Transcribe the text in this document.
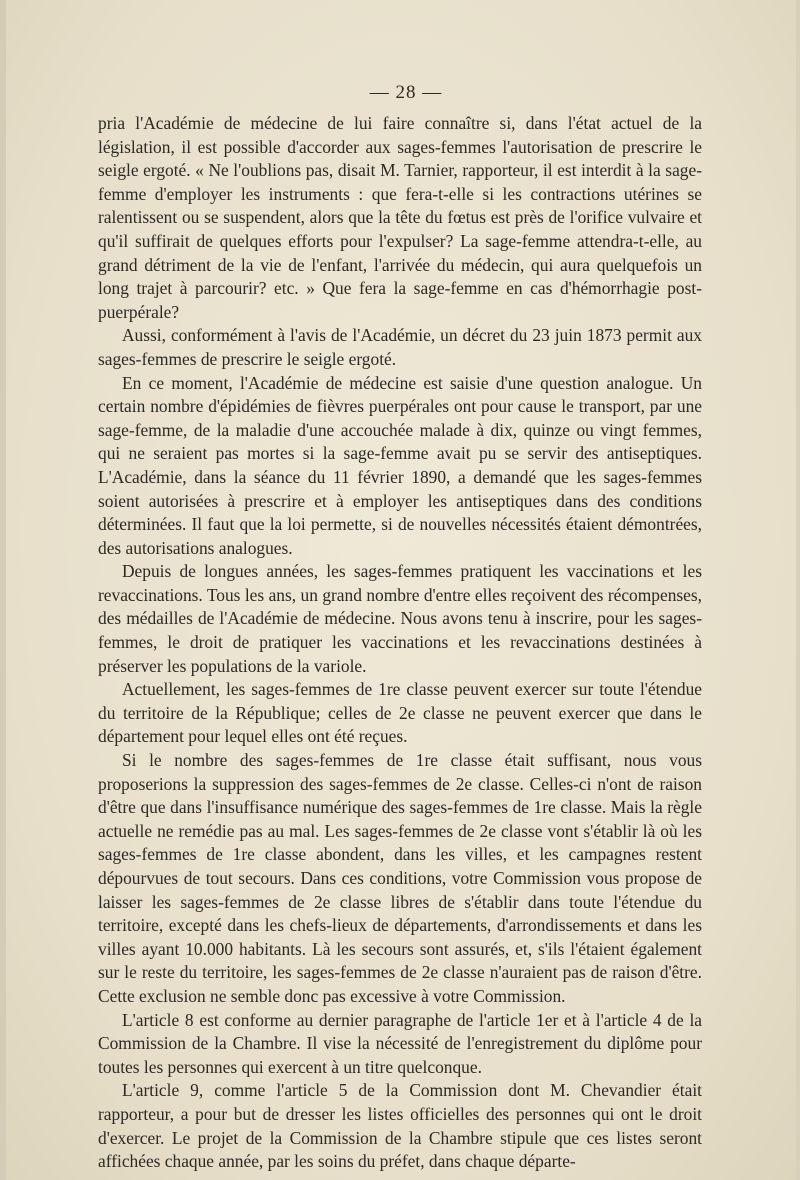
— 28 —

pria l'Académie de médecine de lui faire connaître si, dans l'état actuel de la législation, il est possible d'accorder aux sages-femmes l'autorisation de prescrire le seigle ergoté. « Ne l'oublions pas, disait M. Tarnier, rapporteur, il est interdit à la sage-femme d'employer les instruments : que fera-t-elle si les contractions utérines se ralentissent ou se suspendent, alors que la tête du fœtus est près de l'orifice vulvaire et qu'il suffirait de quelques efforts pour l'expulser? La sage-femme attendra-t-elle, au grand détriment de la vie de l'enfant, l'arrivée du médecin, qui aura quelquefois un long trajet à parcourir? etc. » Que fera la sage-femme en cas d'hémorrhagie post-puerpérale?

Aussi, conformément à l'avis de l'Académie, un décret du 23 juin 1873 permit aux sages-femmes de prescrire le seigle ergoté.

En ce moment, l'Académie de médecine est saisie d'une question analogue. Un certain nombre d'épidémies de fièvres puerpérales ont pour cause le transport, par une sage-femme, de la maladie d'une accouchée malade à dix, quinze ou vingt femmes, qui ne seraient pas mortes si la sage-femme avait pu se servir des antiseptiques. L'Académie, dans la séance du 11 février 1890, a demandé que les sages-femmes soient autorisées à prescrire et à employer les antiseptiques dans des conditions déterminées. Il faut que la loi permette, si de nouvelles nécessités étaient démontrées, des autorisations analogues.

Depuis de longues années, les sages-femmes pratiquent les vaccinations et les revaccinations. Tous les ans, un grand nombre d'entre elles reçoivent des récompenses, des médailles de l'Académie de médecine. Nous avons tenu à inscrire, pour les sages-femmes, le droit de pratiquer les vaccinations et les revaccinations destinées à préserver les populations de la variole.

Actuellement, les sages-femmes de 1re classe peuvent exercer sur toute l'étendue du territoire de la République; celles de 2e classe ne peuvent exercer que dans le département pour lequel elles ont été reçues.

Si le nombre des sages-femmes de 1re classe était suffisant, nous vous proposerions la suppression des sages-femmes de 2e classe. Celles-ci n'ont de raison d'être que dans l'insuffisance numérique des sages-femmes de 1re classe. Mais la règle actuelle ne remédie pas au mal. Les sages-femmes de 2e classe vont s'établir là où les sages-femmes de 1re classe abondent, dans les villes, et les campagnes restent dépourvues de tout secours. Dans ces conditions, votre Commission vous propose de laisser les sages-femmes de 2e classe libres de s'établir dans toute l'étendue du territoire, excepté dans les chefs-lieux de départements, d'arrondissements et dans les villes ayant 10.000 habitants. Là les secours sont assurés, et, s'ils l'étaient également sur le reste du territoire, les sages-femmes de 2e classe n'auraient pas de raison d'être. Cette exclusion ne semble donc pas excessive à votre Commission.

L'article 8 est conforme au dernier paragraphe de l'article 1er et à l'article 4 de la Commission de la Chambre. Il vise la nécessité de l'enregistrement du diplôme pour toutes les personnes qui exercent à un titre quelconque.

L'article 9, comme l'article 5 de la Commission dont M. Chevandier était rapporteur, a pour but de dresser les listes officielles des personnes qui ont le droit d'exercer. Le projet de la Commission de la Chambre stipule que ces listes seront affichées chaque année, par les soins du préfet, dans chaque départe-
